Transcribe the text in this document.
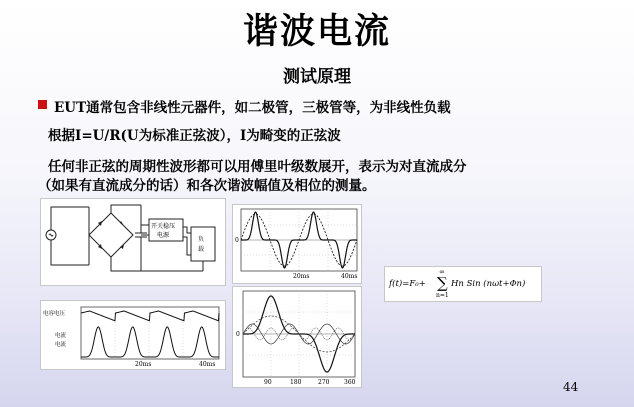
谐波电流
测试原理

EUT通常包含非线性元器件，如二极管，三极管等，为非线性负载

根据I=U/R(U为标准正弦波），I为畸变的正弦波

任何非正弦的周期性波形都可以用傅里叶级数展开，表示为对直流成分

（如果有直流成分的话）和各次谐波幅值及相位的测量。

开关稳压
电源
负
载
0
20ms	40ms
电容电压
电流
电流
20ms	40ms
0
90	180	270 360
f(t)=F₀+
∞
∑
n=1
Hn Sin (nωt+Φn)
44
